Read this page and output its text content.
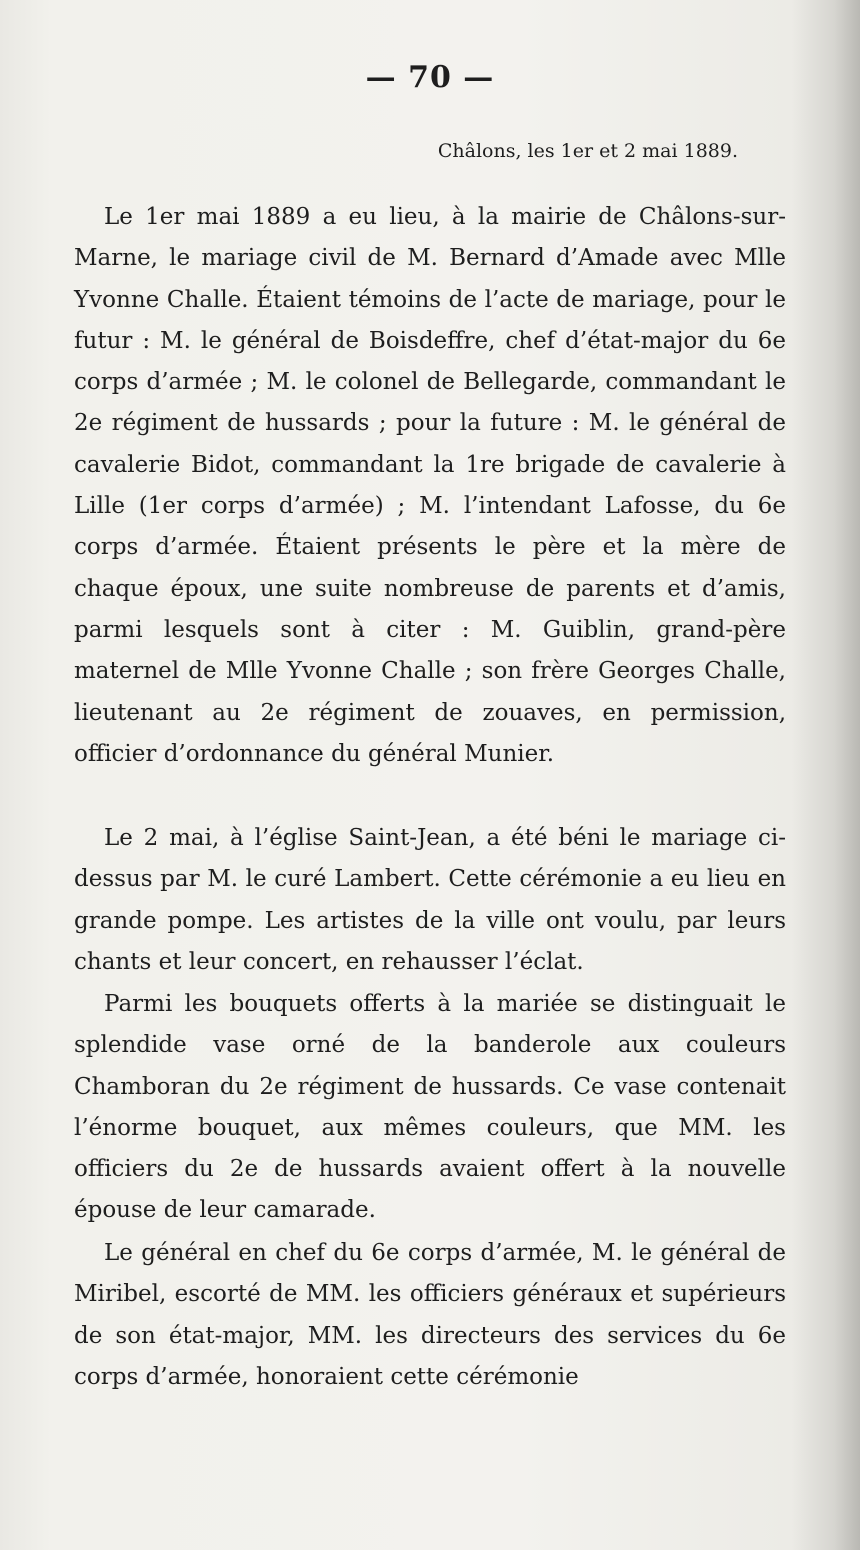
— 70 —
Châlons, les 1er et 2 mai 1889.

Le 1er mai 1889 a eu lieu, à la mairie de Châlons-sur-Marne, le mariage civil de M. Bernard d’Amade avec Mlle Yvonne Challe. Étaient témoins de l’acte de mariage, pour le futur : M. le général de Boisdeffre, chef d’état-major du 6e corps d’armée ; M. le colonel de Bellegarde, commandant le 2e régiment de hussards ; pour la future : M. le général de cavalerie Bidot, commandant la 1re brigade de cavalerie à Lille (1er corps d’armée) ; M. l’intendant Lafosse, du 6e corps d’armée. Étaient présents le père et la mère de chaque époux, une suite nombreuse de parents et d’amis, parmi lesquels sont à citer : M. Guiblin, grand-père maternel de Mlle Yvonne Challe ; son frère Georges Challe, lieutenant au 2e régiment de zouaves, en permission, officier d’ordonnance du général Munier.

Le 2 mai, à l’église Saint-Jean, a été béni le mariage ci-dessus par M. le curé Lambert. Cette cérémonie a eu lieu en grande pompe. Les artistes de la ville ont voulu, par leurs chants et leur concert, en rehausser l’éclat.

Parmi les bouquets offerts à la mariée se distinguait le splendide vase orné de la banderole aux couleurs Chamboran du 2e régiment de hussards. Ce vase contenait l’énorme bouquet, aux mêmes couleurs, que MM. les officiers du 2e de hussards avaient offert à la nouvelle épouse de leur camarade.

Le général en chef du 6e corps d’armée, M. le général de Miribel, escorté de MM. les officiers généraux et supérieurs de son état-major, MM. les directeurs des services du 6e corps d’armée, honoraient cette cérémonie
